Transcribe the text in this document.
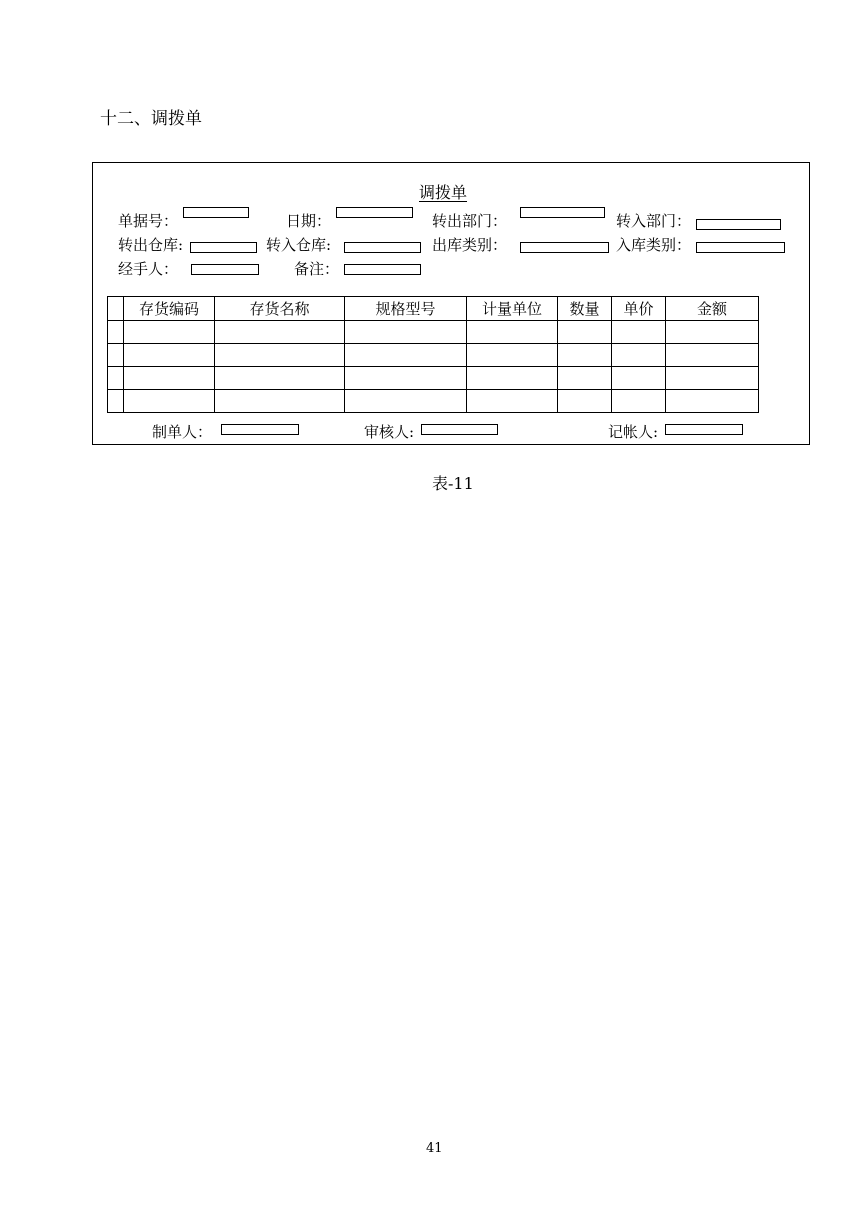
十二、调拨单
调拨单
单据号：	日期：	转出部门：	转入部门：
转出仓库:	转入仓库:	出库类别：	入库类别：
经手人：	备注：
	存货编码	存货名称	规格型号	计量单位	数量	单价	金额

制单人：	审核人:	记帐人:
表-11
41
